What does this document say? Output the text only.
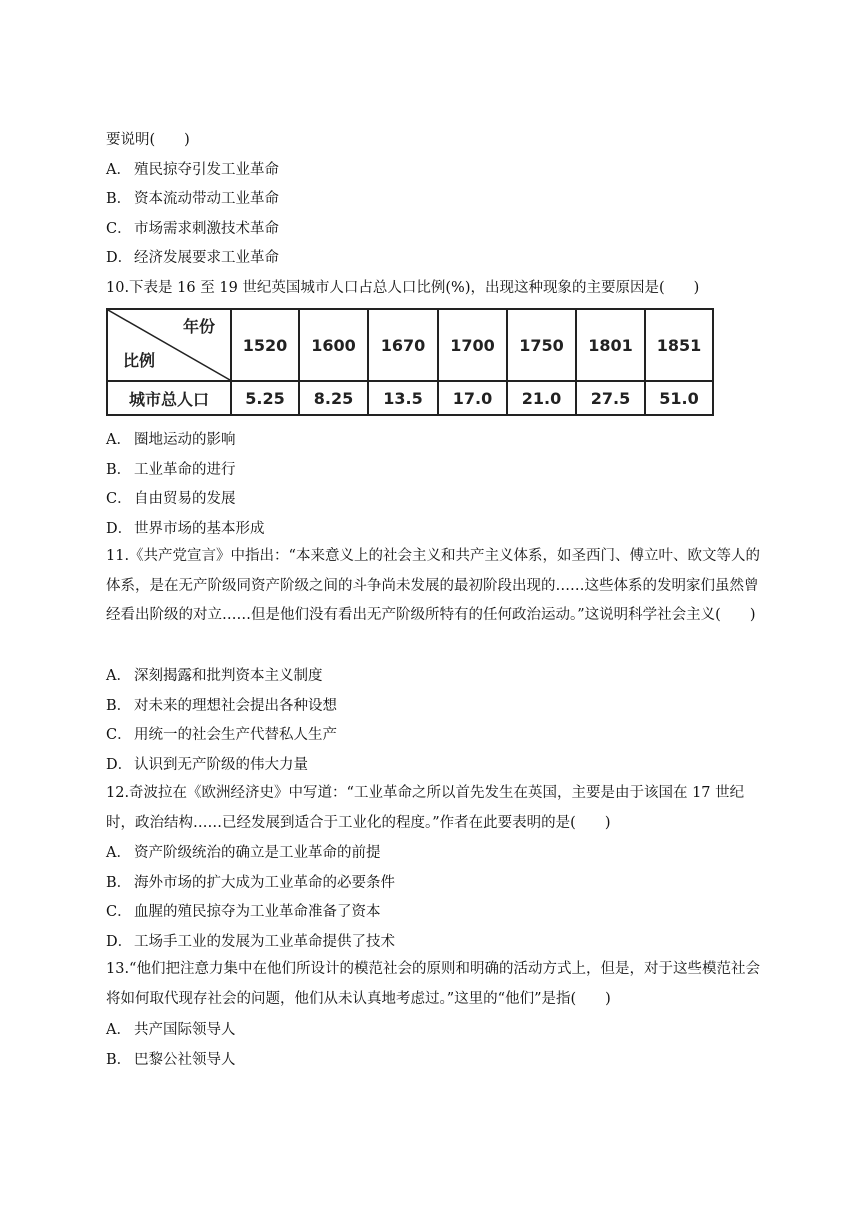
要说明(　　)
A． 殖民掠夺引发工业革命
B． 资本流动带动工业革命
C． 市场需求刺激技术革命
D． 经济发展要求工业革命
10.下表是 16 至 19 世纪英国城市人口占总人口比例(%)，出现这种现象的主要原因是(　　)
年份
比例
1520	1600	1670	1700	1750	1801	1851
城市总人口	5.25	8.25	13.5	17.0	21.0	27.5	51.0
A． 圈地运动的影响
B． 工业革命的进行
C． 自由贸易的发展
D． 世界市场的基本形成
11.《共产党宣言》中指出：“本来意义上的社会主义和共产主义体系，如圣西门、傅立叶、欧文等人的体系，是在无产阶级同资产阶级之间的斗争尚未发展的最初阶段出现的……这些体系的发明家们虽然曾经看出阶级的对立……但是他们没有看出无产阶级所特有的任何政治运动。”这说明科学社会主义(　　)
A． 深刻揭露和批判资本主义制度
B． 对未来的理想社会提出各种设想
C． 用统一的社会生产代替私人生产
D． 认识到无产阶级的伟大力量
12.奇波拉在《欧洲经济史》中写道：“工业革命之所以首先发生在英国，主要是由于该国在 17 世纪时，政治结构……已经发展到适合于工业化的程度。”作者在此要表明的是(　　)
A． 资产阶级统治的确立是工业革命的前提
B． 海外市场的扩大成为工业革命的必要条件
C． 血腥的殖民掠夺为工业革命准备了资本
D． 工场手工业的发展为工业革命提供了技术
13.“他们把注意力集中在他们所设计的模范社会的原则和明确的活动方式上，但是，对于这些模范社会将如何取代现存社会的问题，他们从未认真地考虑过。”这里的“他们”是指(　　)
A． 共产国际领导人
B． 巴黎公社领导人
